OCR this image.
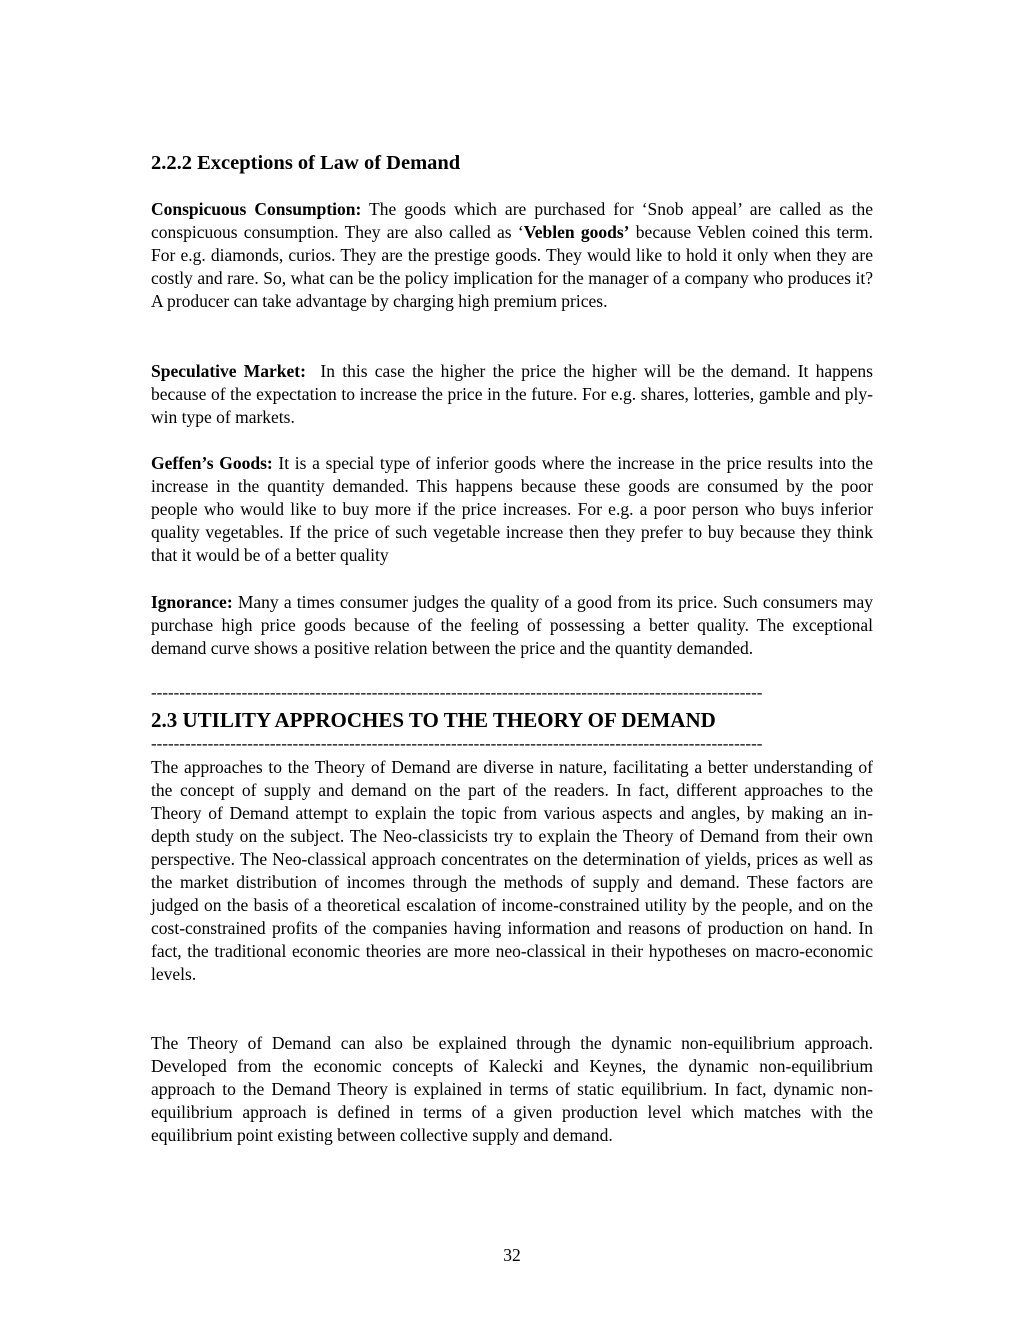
2.2.2 Exceptions of Law of Demand

Conspicuous Consumption: The goods which are purchased for ‘Snob appeal’ are called as the conspicuous consumption. They are also called as ‘Veblen goods’ because Veblen coined this term. For e.g. diamonds, curios. They are the prestige goods. They would like to hold it only when they are costly and rare. So, what can be the policy implication for the manager of a company who produces it? A producer can take advantage by charging high premium prices.

Speculative Market:  In this case the higher the price the higher will be the demand. It happens because of the expectation to increase the price in the future. For e.g. shares, lotteries, gamble and ply-win type of markets.

Geffen’s Goods: It is a special type of inferior goods where the increase in the price results into the increase in the quantity demanded. This happens because these goods are consumed by the poor people who would like to buy more if the price increases. For e.g. a poor person who buys inferior quality vegetables. If the price of such vegetable increase then they prefer to buy because they think that it would be of a better quality

Ignorance: Many a times consumer judges the quality of a good from its price. Such consumers may purchase high price goods because of the feeling of possessing a better quality. The exceptional demand curve shows a positive relation between the price and the quantity demanded.

------------------------------------------------------------------------------------------------------------
2.3 UTILITY APPROCHES TO THE THEORY OF DEMAND
------------------------------------------------------------------------------------------------------------

The approaches to the Theory of Demand are diverse in nature, facilitating a better understanding of the concept of supply and demand on the part of the readers. In fact, different approaches to the Theory of Demand attempt to explain the topic from various aspects and angles, by making an in-depth study on the subject. The Neo-classicists try to explain the Theory of Demand from their own perspective. The Neo-classical approach concentrates on the determination of yields, prices as well as the market distribution of incomes through the methods of supply and demand. These factors are judged on the basis of a theoretical escalation of income-constrained utility by the people, and on the cost-constrained profits of the companies having information and reasons of production on hand. In fact, the traditional economic theories are more neo-classical in their hypotheses on macro-economic levels.

The Theory of Demand can also be explained through the dynamic non-equilibrium approach. Developed from the economic concepts of Kalecki and Keynes, the dynamic non-equilibrium approach to the Demand Theory is explained in terms of static equilibrium. In fact, dynamic non-equilibrium approach is defined in terms of a given production level which matches with the equilibrium point existing between collective supply and demand.

32
